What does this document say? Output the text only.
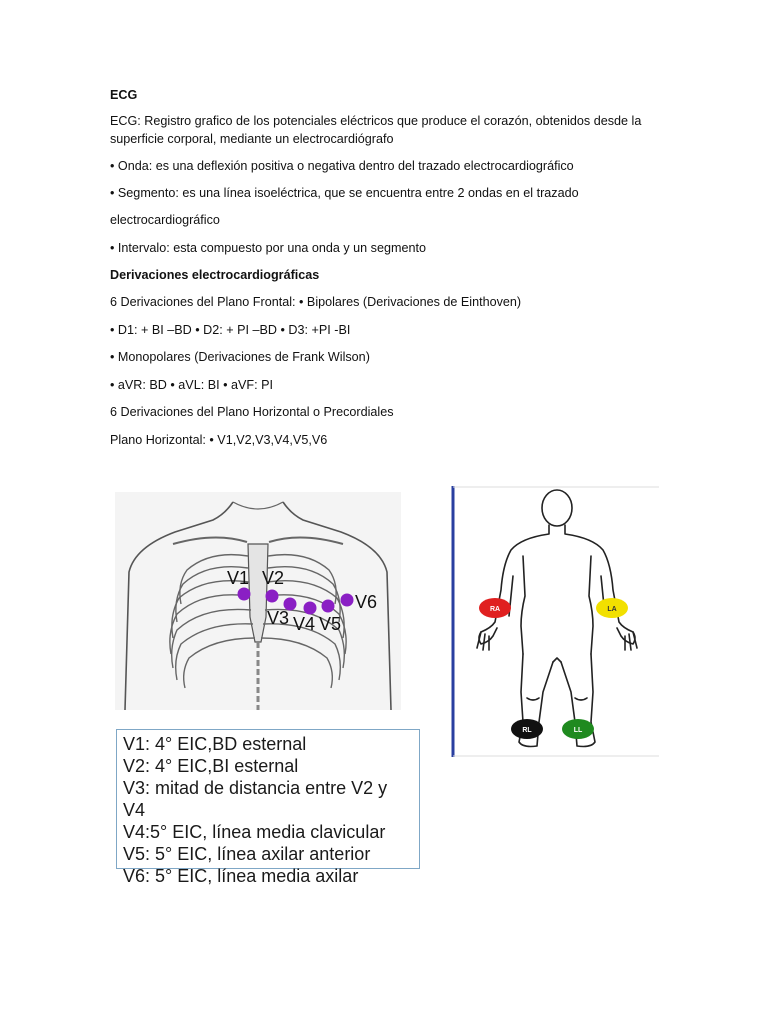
ECG

ECG: Registro grafico de los potenciales eléctricos que produce el corazón, obtenidos desde la

superficie corporal, mediante un electrocardiógrafo

• Onda: es una deflexión positiva o negativa dentro del trazado electrocardiográfico

• Segmento: es una línea isoeléctrica, que se encuentra entre 2 ondas en el trazado

electrocardiográfico

• Intervalo: esta compuesto por una onda y un segmento

Derivaciones electrocardiográficas

6 Derivaciones del Plano Frontal: • Bipolares (Derivaciones de Einthoven)

• D1: + BI –BD • D2: + PI –BD • D3: +PI -BI

• Monopolares (Derivaciones de Frank Wilson)

• aVR: BD • aVL: BI • aVF: PI

6 Derivaciones del Plano Horizontal o Precordiales

Plano Horizontal: • V1,V2,V3,V4,V5,V6

V1 V2
V3 V4 V5
V6	RA	LA
RL	LL
V1: 4° EIC,BD esternal
V2: 4° EIC,BI esternal
V3: mitad de distancia entre V2 y
V4
V4:5° EIC, línea media clavicular
V5: 5° EIC, línea axilar anterior
V6: 5° EIC, línea media axilar
